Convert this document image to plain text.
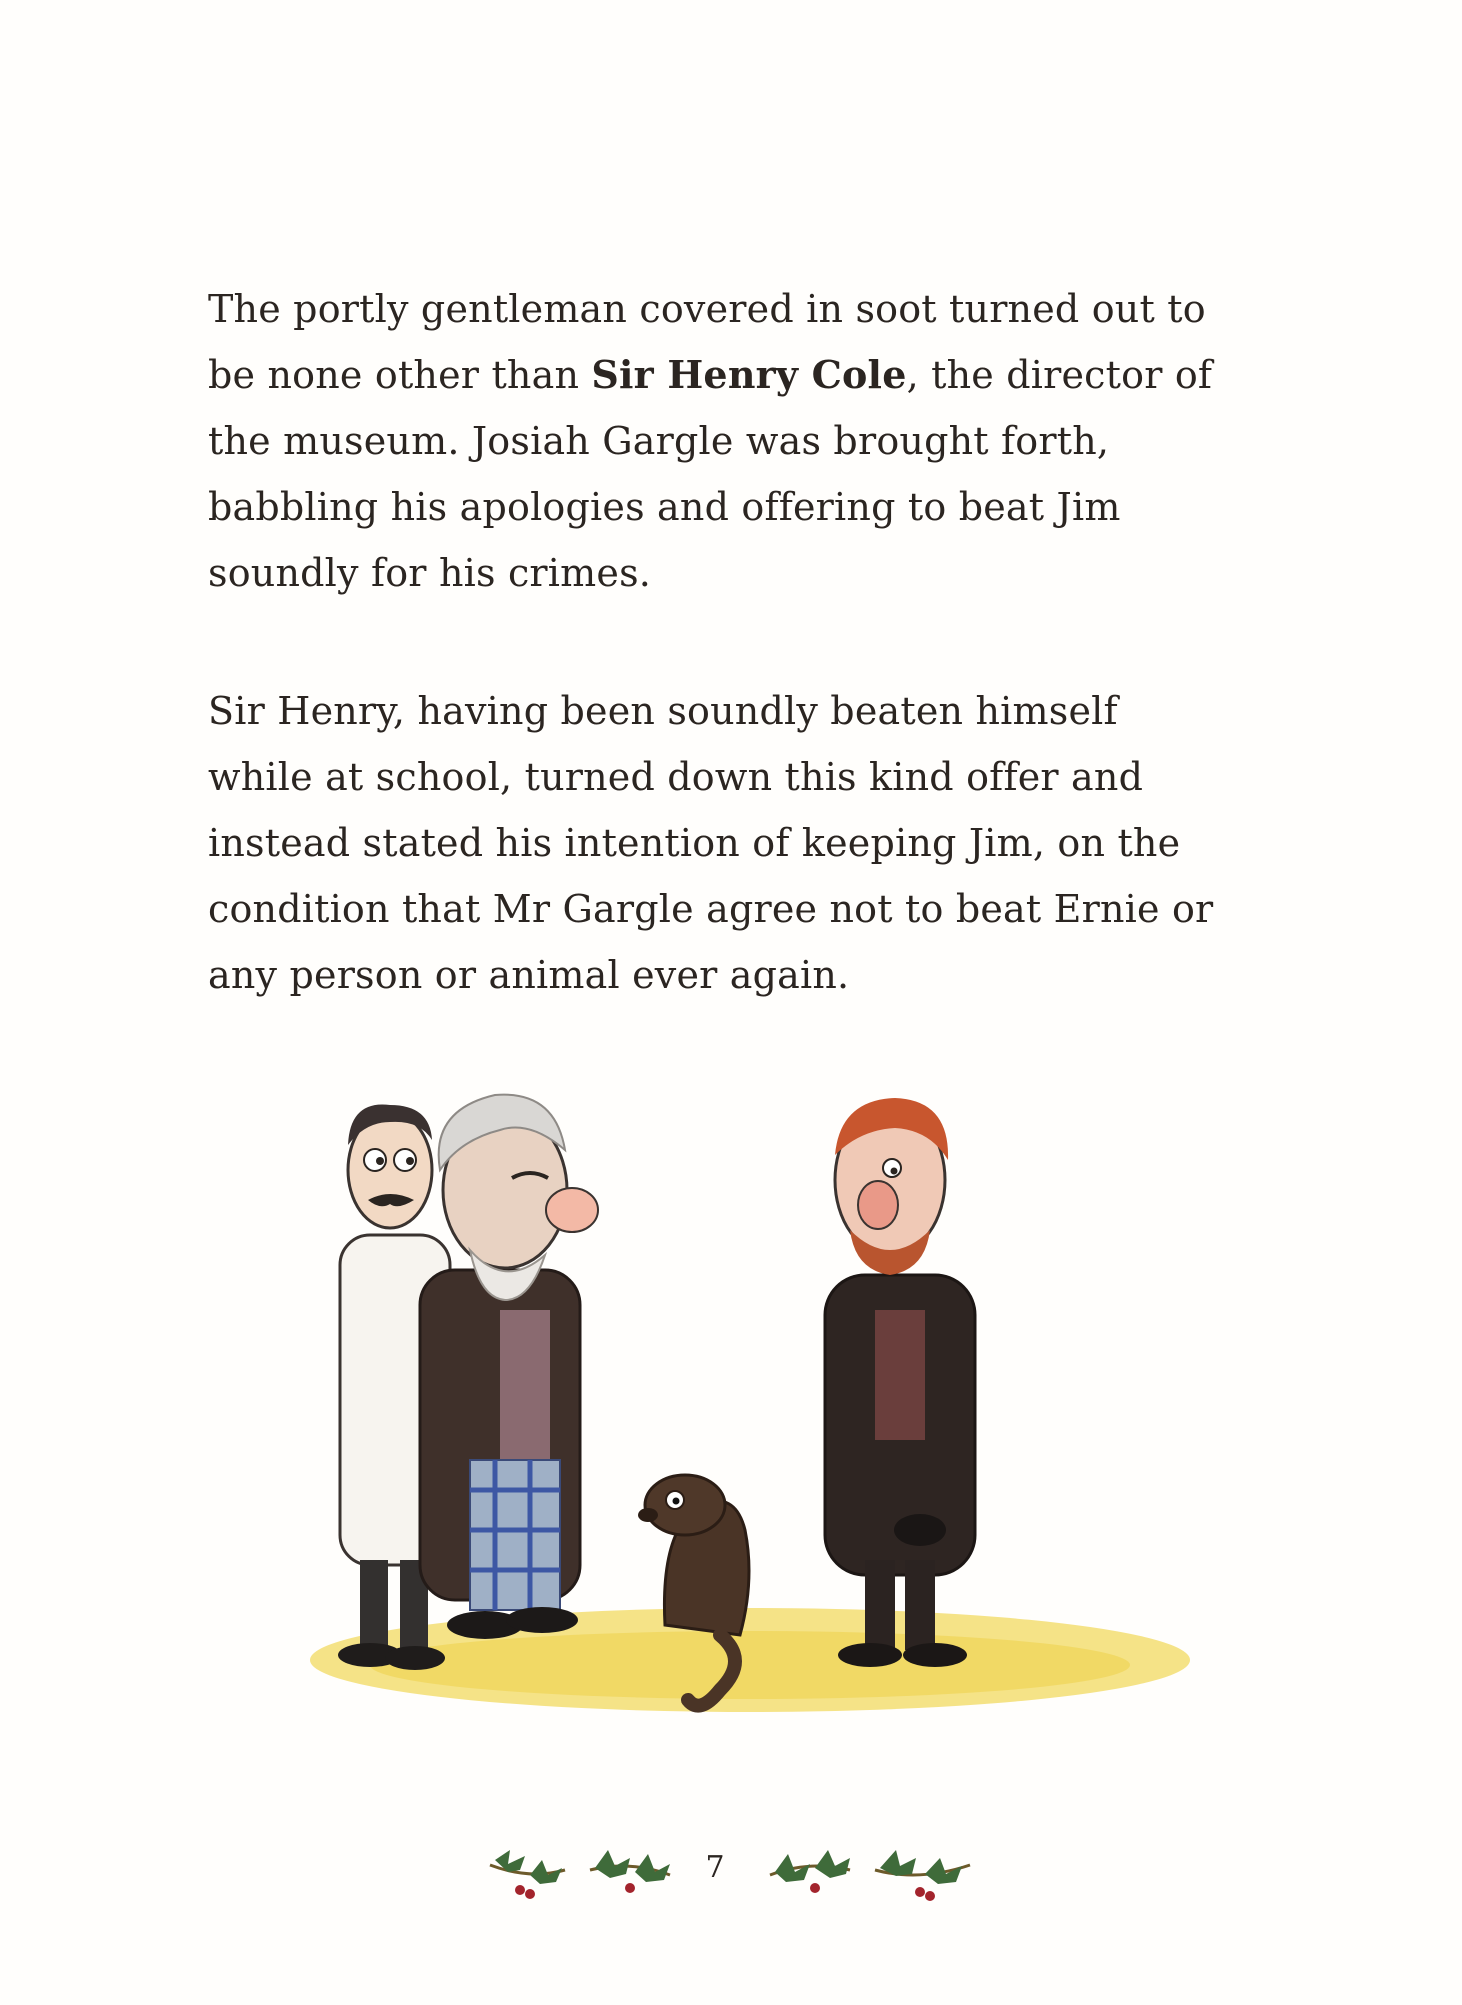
The portly gentleman covered in soot turned out to be none other than Sir Henry Cole, the director of the museum. Josiah Gargle was brought forth, babbling his apologies and offering to beat Jim soundly for his crimes.

Sir Henry, having been soundly beaten himself while at school, turned down this kind offer and instead stated his intention of keeping Jim, on the condition that Mr Gargle agree not to beat Ernie or any person or animal ever again.

7
